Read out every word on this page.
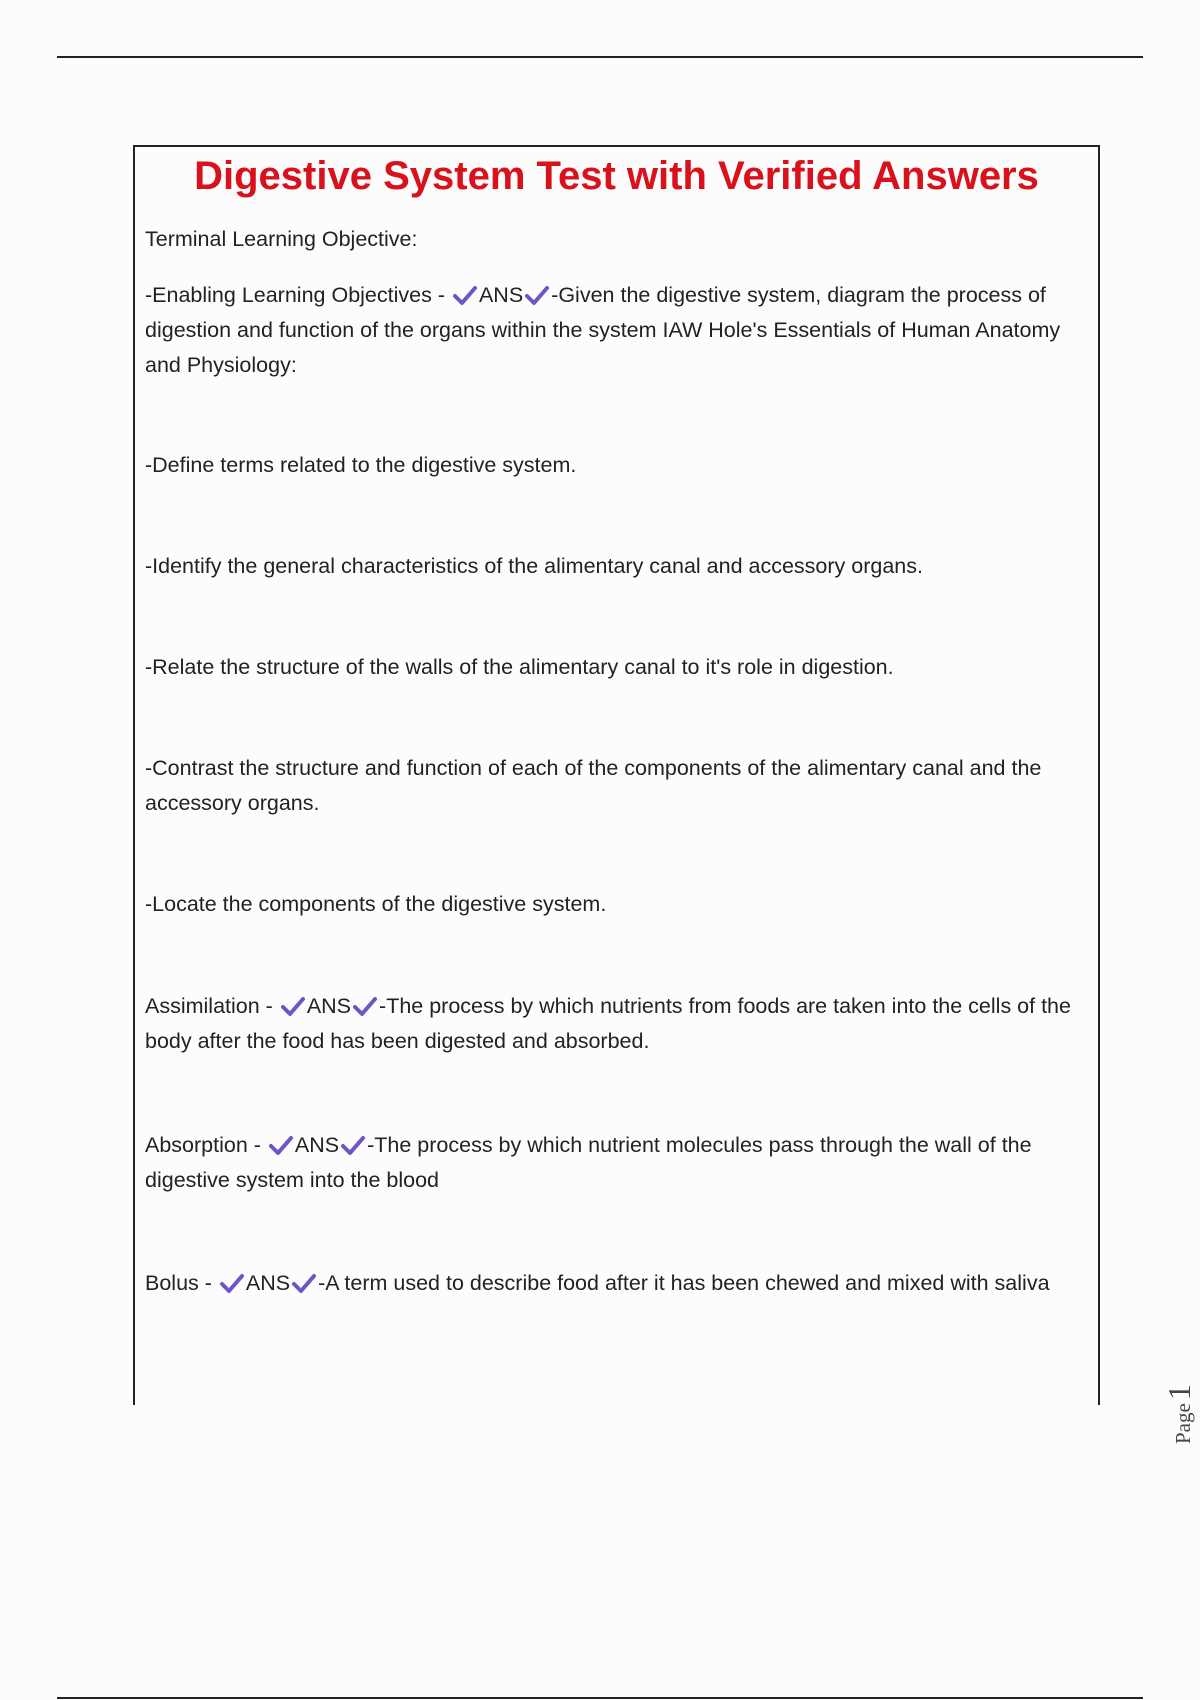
Digestive System Test with Verified Answers

Terminal Learning Objective:

-Enabling Learning Objectives -
ANS -Given the digestive system, diagram the process of digestion and function of the organs within the system IAW Hole's Essentials of Human Anatomy and Physiology:

-Define terms related to the digestive system.

-Identify the general characteristics of the alimentary canal and accessory organs.

-Relate the structure of the walls of the alimentary canal to it's role in digestion.

-Contrast the structure and function of each of the components of the alimentary canal and the accessory organs.

-Locate the components of the digestive system.

Assimilation -
ANS -The process by which nutrients from foods are taken into the cells of the body after the food has been digested and absorbed.

Absorption -
ANS -The process by which nutrient molecules pass through the wall of the digestive system into the blood

Bolus -
ANS -A term used to describe food after it has been chewed and mixed with saliva

Page1
